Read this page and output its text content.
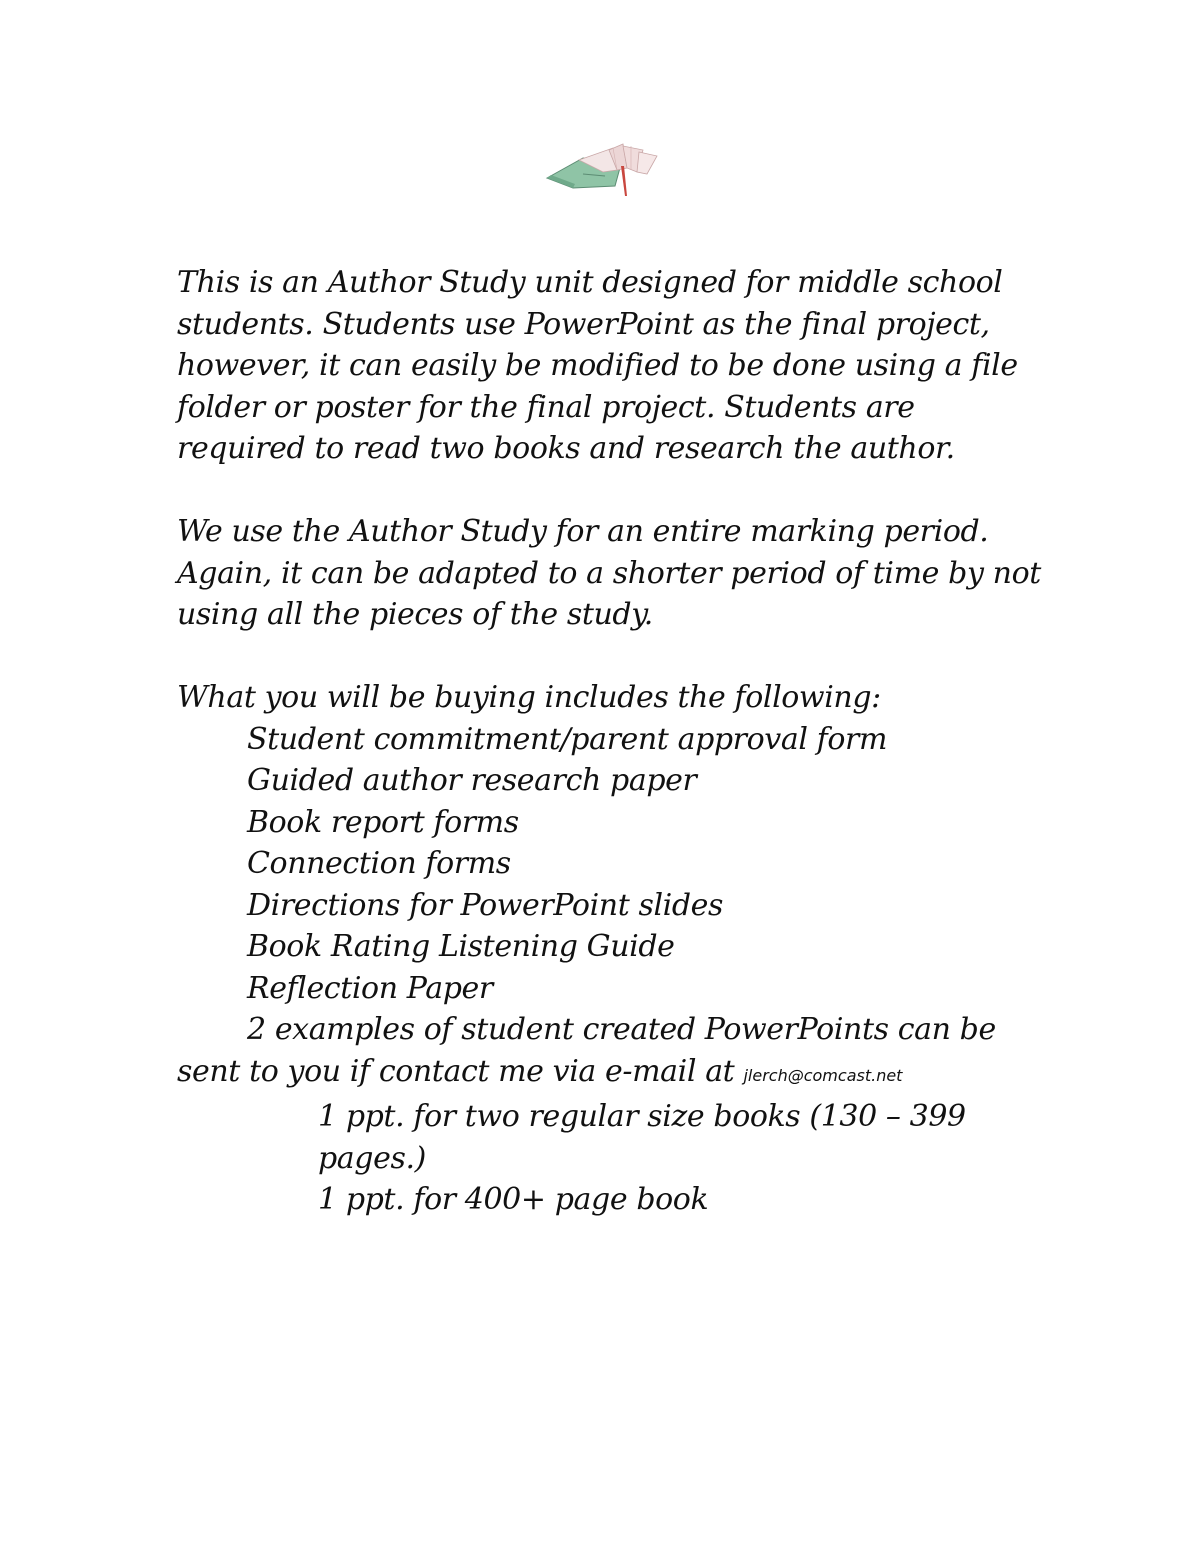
This is an Author Study unit designed for middle school
students. Students use PowerPoint as the final project,
however, it can easily be modified to be done using a file
folder or poster for the final project. Students are
required to read two books and research the author.
We use the Author Study for an entire marking period.
Again, it can be adapted to a shorter period of time by not
using all the pieces of the study.
What you will be buying includes the following:
Student commitment/parent approval form
Guided author research paper
Book report forms
Connection forms
Directions for PowerPoint slides
Book Rating Listening Guide
Reflection Paper
2 examples of student created PowerPoints can be
sent to you if contact me via e-mail at jlerch@comcast.net
1 ppt. for two regular size books (130 – 399
pages.)
1 ppt. for 400+ page book
